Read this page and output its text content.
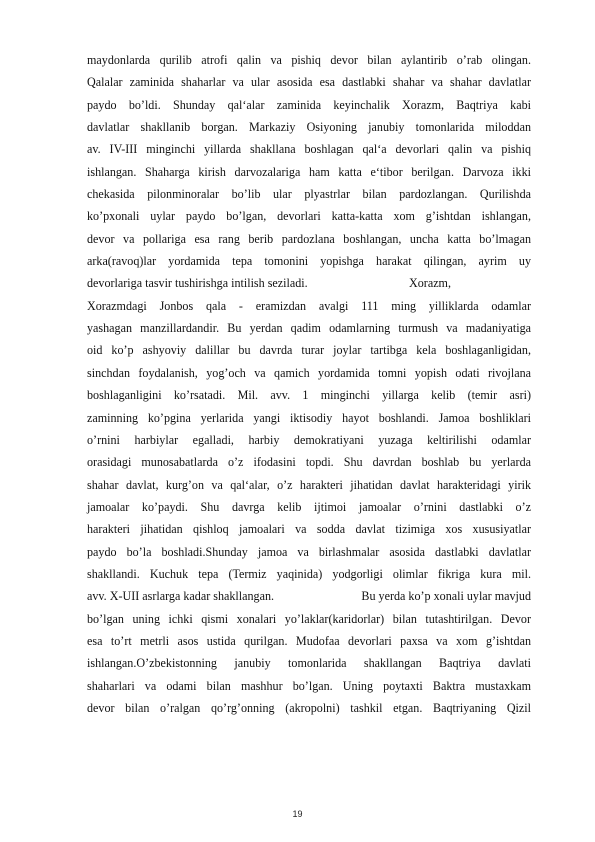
maydonlarda qurilib atrofi qalin va pishiq devor bilan aylantirib o’rab olingan.
Qalalar zaminida shaharlar va ular asosida esa dastlabki shahar va shahar davlatlar
paydo bo’ldi. Shunday qal‘alar zaminida keyinchalik Xorazm, Baqtriya kabi
davlatlar shakllanib borgan. Markaziy Osiyoning janubiy tomonlarida miloddan
av. IV-III minginchi yillarda shakllana boshlagan qal‘a devorlari qalin va pishiq
ishlangan. Shaharga kirish darvozalariga ham katta e‘tibor berilgan. Darvoza ikki
chekasida pilonminoralar bo’lib ular plyastrlar bilan pardozlangan. Qurilishda
ko’pxonali uylar paydo bo’lgan, devorlari katta-katta xom g’ishtdan ishlangan,
devor va pollariga esa rang berib pardozlana boshlangan, uncha katta bo’lmagan
arka(ravoq)lar yordamida tepa tomonini yopishga harakat qilingan, ayrim uy
devorlariga tasvir tushirishga intilish seziladi.	Xorazm,
Xorazmdagi Jonbos qala - eramizdan avalgi 111 ming yilliklarda odamlar
yashagan manzillardandir. Bu yerdan qadim odamlarning turmush va madaniyatiga
oid ko’p ashyoviy dalillar bu davrda turar joylar tartibga kela boshlaganligidan,
sinchdan foydalanish, yog’och va qamich yordamida tomni yopish odati rivojlana
boshlaganligini ko’rsatadi. Mil. avv. 1 minginchi yillarga kelib (temir asri)
zaminning ko’pgina yerlarida yangi iktisodiy hayot boshlandi. Jamoa boshliklari
o’rnini harbiylar egalladi, harbiy demokratiyani yuzaga keltirilishi odamlar
orasidagi munosabatlarda o’z ifodasini topdi. Shu davrdan boshlab bu yerlarda
shahar davlat, kurg’on va qal‘alar, o’z harakteri jihatidan davlat harakteridagi yirik
jamoalar ko’paydi. Shu davrga kelib ijtimoi jamoalar o’rnini dastlabki o’z
harakteri jihatidan qishloq jamoalari va sodda davlat tizimiga xos xususiyatlar
paydo bo’la boshladi.Shunday jamoa va birlashmalar asosida dastlabki davlatlar
shakllandi. Kuchuk tepa (Termiz yaqinida) yodgorligi olimlar fikriga kura mil.
avv. X-UII asrlarga kadar shakllangan.	Bu yerda ko’p xonali uylar mavjud
bo’lgan uning ichki qismi xonalari yo’laklar(karidorlar) bilan tutashtirilgan. Devor
esa to’rt metrli asos ustida qurilgan. Mudofaa devorlari paxsa va xom g’ishtdan
ishlangan.O’zbekistonning janubiy tomonlarida shakllangan Baqtriya davlati
shaharlari va odami bilan mashhur bo’lgan. Uning poytaxti Baktra mustaxkam
devor bilan o’ralgan qo’rg’onning (akropolni) tashkil etgan. Baqtriyaning Qizil
19
